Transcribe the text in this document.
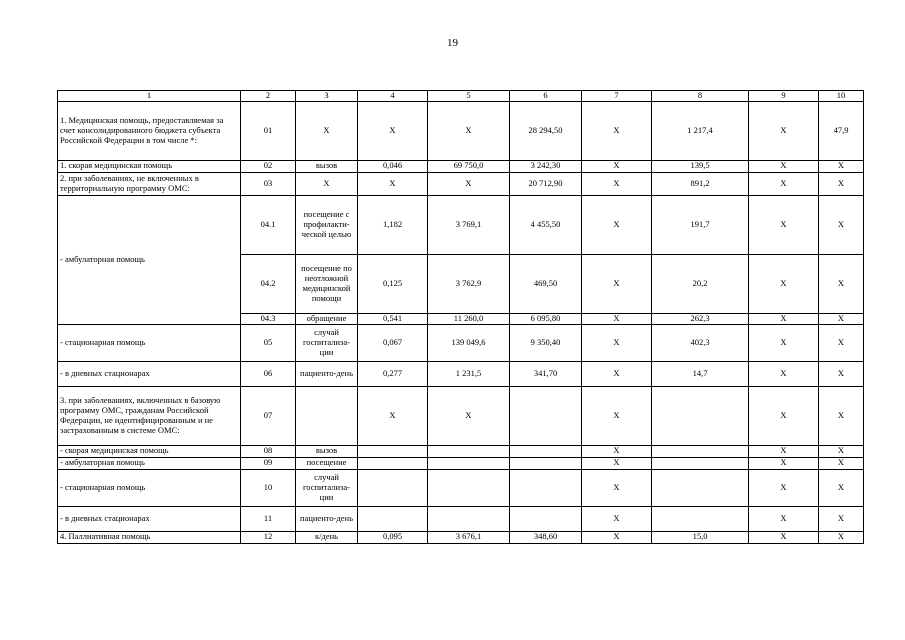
19
1	2	3	4	5	6	7	8	9	10
1. Медицинская помощь, предоставляемая за счет консолидированного бюджета субъекта Российской Федерации в том числе *:	01	X	X	X	28 294,50	X	1 217,4	X	47,9
1. скорая медицинская помощь	02	вызов	0,046	69 750,0	3 242,30	X	139,5	X	X
2. при заболеваниях, не включенных в территориальную программу ОМС:	03	X	X	X	20 712,90	X	891,2	X	X
- амбулаторная помощь	04.1	посещение с профилакти-ческой целью	1,182	3 769,1	4 455,50	X	191,7	X	X
	04.2	посещение по неотложной медицинской помощи	0,125	3 762,9	469,50	X	20,2	X	X
	04.3	обращение	0,541	11 260,0	6 095,80	X	262,3	X	X
- стационарная помощь	05	случай госпитализа-ции	0,067	139 049,6	9 350,40	X	402,3	X	X
- в дневных стационарах	06	пациенто-день	0,277	1 231,5	341,70	X	14,7	X	X
3. при заболеваниях, включенных в базовую программу ОМС, гражданам Российской Федерации, не идентифицированным и не застрахованным в системе ОМС:	07		X	X		X		X	X
- скорая медицинская помощь	08	вызов				X		X	X
- амбулаторная помощь	09	посещение				X		X	X
- стационарная помощь	10	случай госпитализа-ции				X		X	X
- в дневных стационарах	11	пациенто-день				X		X	X
4. Паллиативная помощь	12	к/день	0,095	3 676,1	348,60	X	15,0	X	X
